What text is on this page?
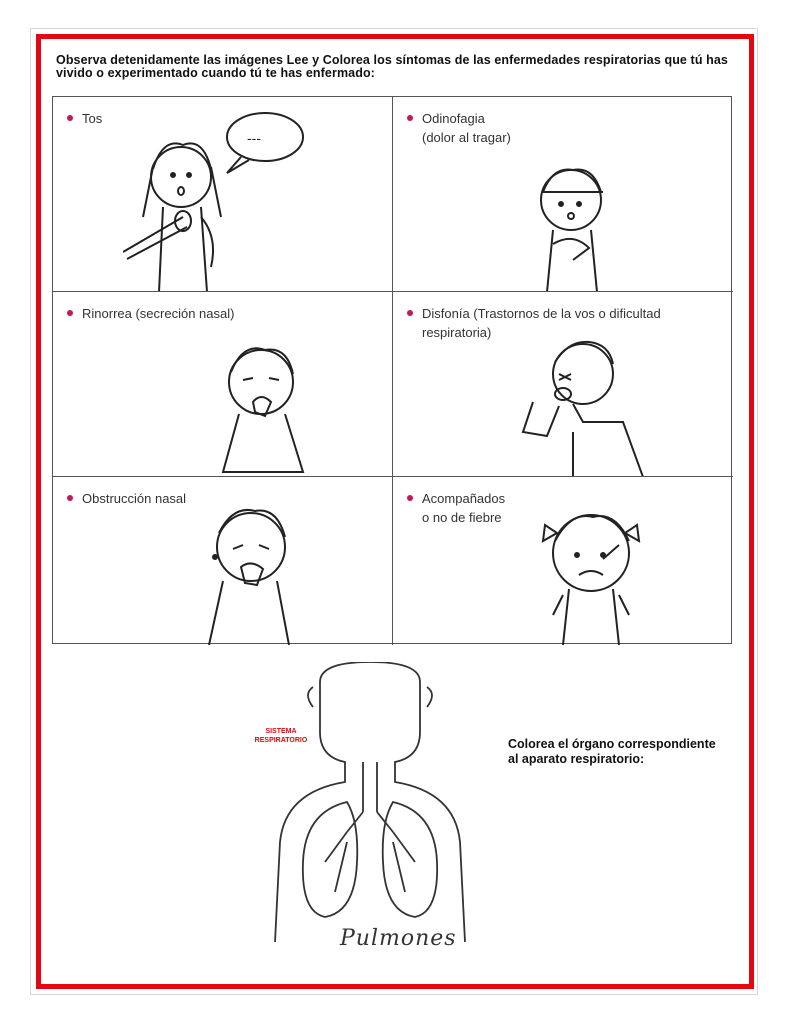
Observa detenidamente las imágenes Lee y Colorea los síntomas de las enfermedades respiratorias que tú has vivido o experimentado cuando tú te has enfermado:
Tos
---
Odinofagia
(dolor al tragar)
Rinorrea (secreción nasal)	Disfonía (Trastornos de la vos o dificultad
respiratoria)
Obstrucción nasal	Acompañados
o no de fiebre
SISTEMA
RESPIRATORIO
Pulmones
Colorea el órgano correspondiente al aparato respiratorio:
